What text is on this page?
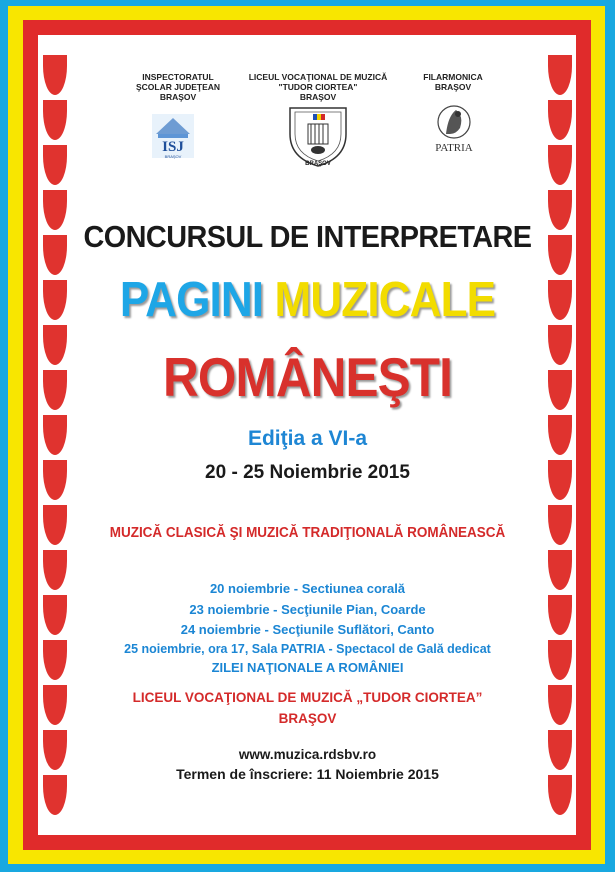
INSPECTORATUL
ŞCOLAR JUDEŢEAN
BRAŞOV
ISJ
BRAŞOV
LICEUL VOCAŢIONAL DE MUZICĂ
"TUDOR CIORTEA"
BRAŞOV
BRAŞOV
FILARMONICA
BRAŞOV
PATRIA
CONCURSUL DE INTERPRETARE
PAGINI MUZICALE
ROMÂNEŞTI
Ediţia a VI-a
20 - 25 Noiembrie 2015
MUZICĂ CLASICĂ ŞI MUZICĂ TRADIŢIONALĂ ROMÂNEASCĂ
20 noiembrie - Sectiunea corală
23 noiembrie - Secţiunile Pian, Coarde
24 noiembrie - Secţiunile Suflători, Canto
25 noiembrie, ora 17, Sala PATRIA - Spectacol de Gală dedicat
ZILEI NAŢIONALE A ROMÂNIEI
LICEUL VOCAŢIONAL DE MUZICĂ „TUDOR CIORTEA”
BRAŞOV
www.muzica.rdsbv.ro
Termen de înscriere: 11 Noiembrie 2015
